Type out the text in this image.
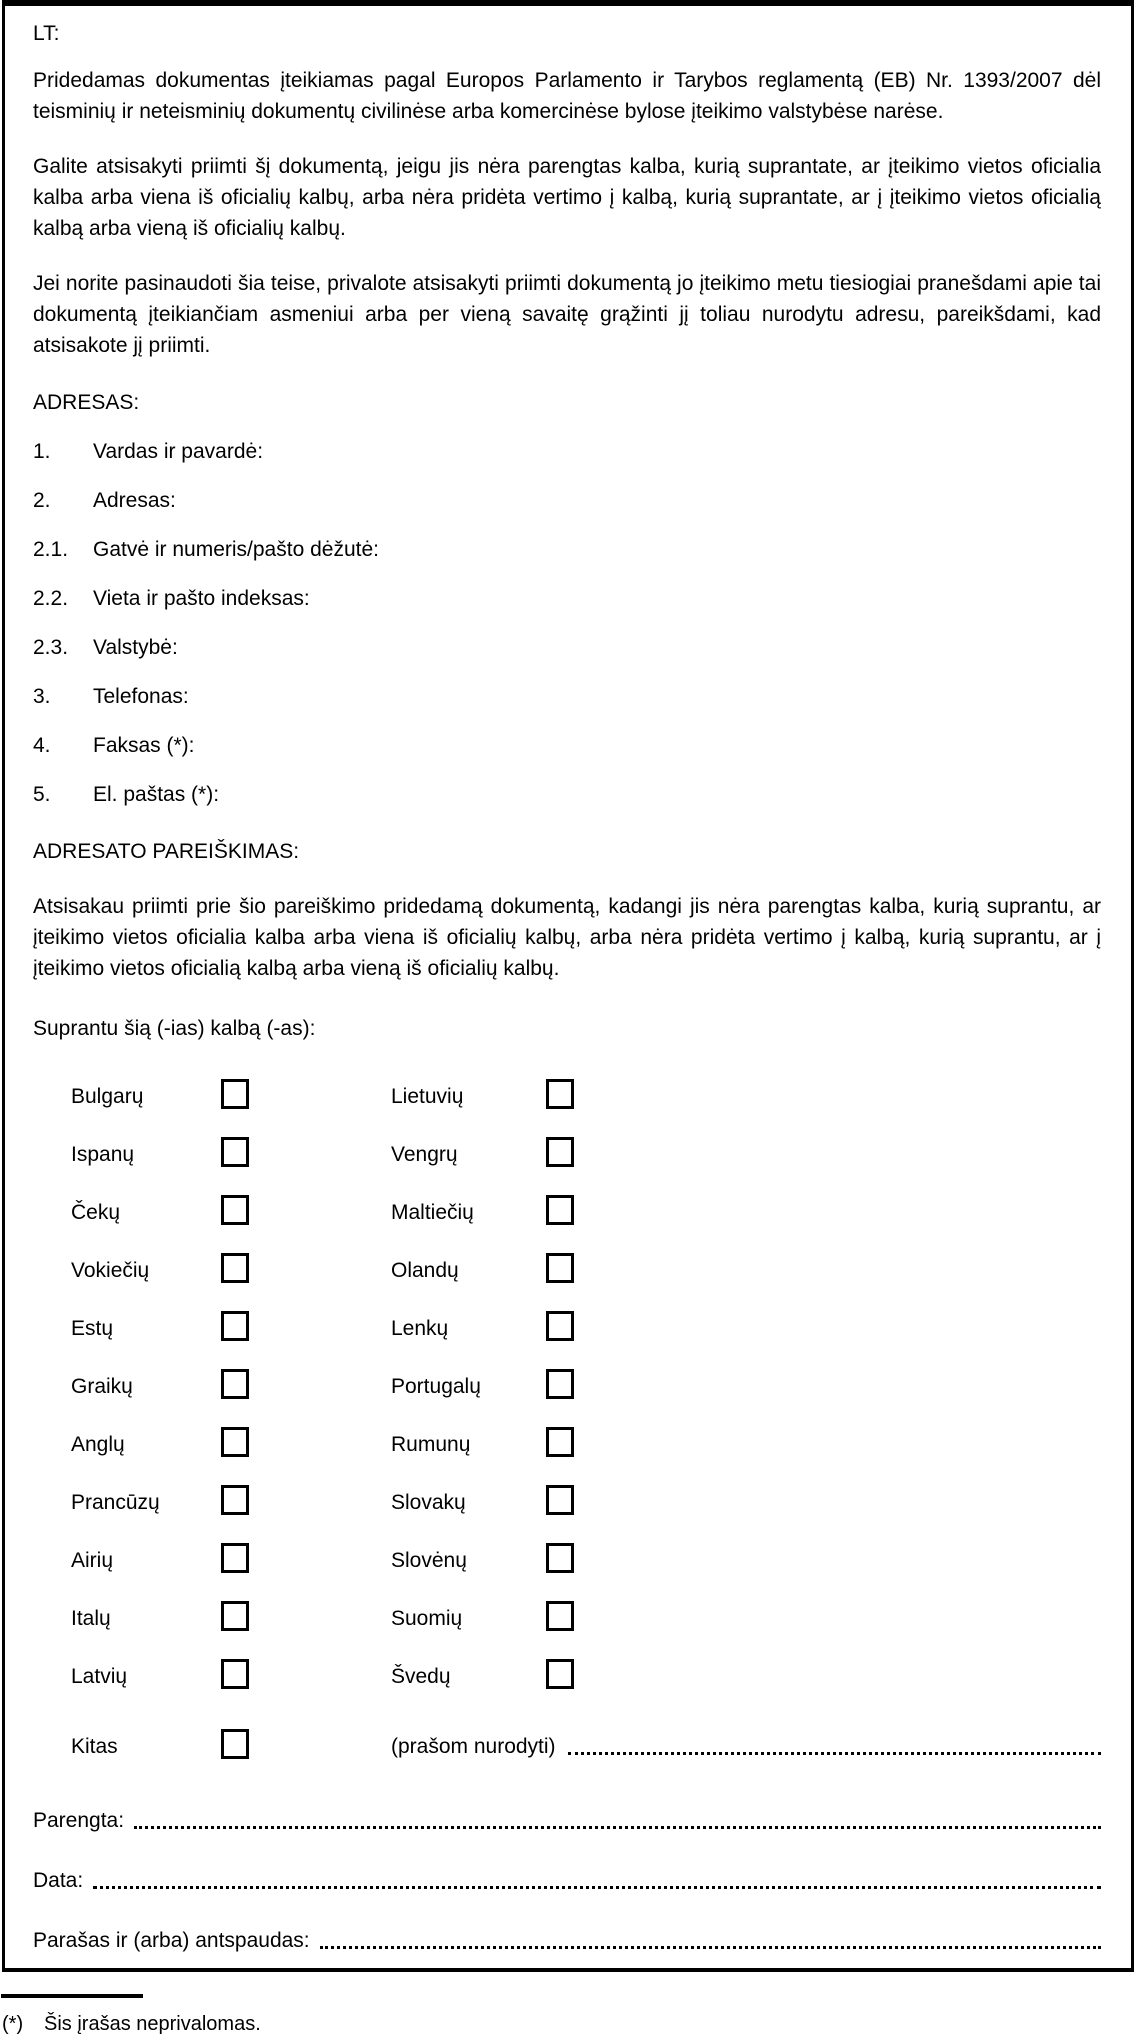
LT:

Pridedamas dokumentas įteikiamas pagal Europos Parlamento ir Tarybos reglamentą (EB) Nr. 1393/2007 dėl teisminių ir neteisminių dokumentų civilinėse arba komercinėse bylose įteikimo valstybėse narėse.

Galite atsisakyti priimti šį dokumentą, jeigu jis nėra parengtas kalba, kurią suprantate, ar įteikimo vietos oficialia kalba arba viena iš oficialių kalbų, arba nėra pridėta vertimo į kalbą, kurią suprantate, ar į įteikimo vietos oficialią kalbą arba vieną iš oficialių kalbų.

Jei norite pasinaudoti šia teise, privalote atsisakyti priimti dokumentą jo įteikimo metu tiesiogiai pranešdami apie tai dokumentą įteikiančiam asmeniui arba per vieną savaitę grąžinti jį toliau nurodytu adresu, pareikšdami, kad atsisakote jį priimti.

ADRESAS:
1.	Vardas ir pavardė:
2.	Adresas:
2.1.	Gatvė ir numeris/pašto dėžutė:
2.2.	Vieta ir pašto indeksas:
2.3.	Valstybė:
3.	Telefonas:
4.	Faksas (*):
5.	El. paštas (*):
ADRESATO PAREIŠKIMAS:

Atsisakau priimti prie šio pareiškimo pridedamą dokumentą, kadangi jis nėra parengtas kalba, kurią suprantu, ar įteikimo vietos oficialia kalba arba viena iš oficialių kalbų, arba nėra pridėta vertimo į kalbą, kurią suprantu, ar į įteikimo vietos oficialią kalbą arba vieną iš oficialių kalbų.

Suprantu šią (-ias) kalbą (-as):
Bulgarų	Lietuvių
Ispanų	Vengrų
Čekų	Maltiečių
Vokiečių	Olandų
Estų	Lenkų
Graikų	Portugalų
Anglų	Rumunų
Prancūzų	Slovakų
Airių	Slovėnų
Italų	Suomių
Latvių	Švedų
Kitas	(prašom nurodyti)
Parengta:
Data:
Parašas ir (arba) antspaudas:
(*)	Šis įrašas neprivalomas.
